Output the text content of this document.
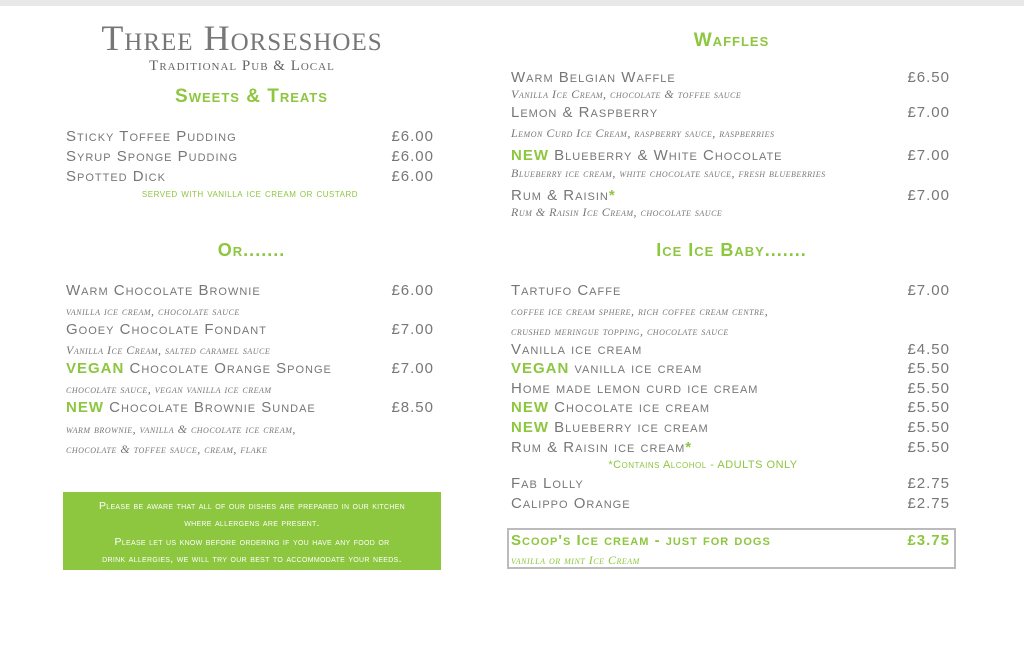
Three Horseshoes
Traditional Pub & Local
Sweets & Treats
Sticky Toffee Pudding	£6.00
Syrup Sponge Pudding	£6.00
Spotted Dick	£6.00
served with vanilla ice cream or custard
Or.......
Warm Chocolate Brownie	£6.00
vanilla ice cream, chocolate sauce
Gooey Chocolate Fondant	£7.00
Vanilla Ice Cream, salted caramel sauce
VEGAN Chocolate Orange Sponge	£7.00
chocolate sauce, vegan vanilla ice cream
NEW Chocolate Brownie Sundae	£8.50
warm brownie, vanilla & chocolate ice cream,
chocolate & toffee sauce, cream, flake

Please be aware that all of our dishes are prepared in our kitchen

where allergens are present.

Please let us know before ordering if you have any food or

drink allergies, we will try our best to accommodate your needs.

Waffles
Warm Belgian Waffle	£6.50
Vanilla Ice Cream, chocolate & toffee sauce
Lemon & Raspberry	£7.00
Lemon Curd Ice Cream, raspberry sauce, raspberries
NEW Blueberry & White Chocolate	£7.00
Blueberry ice cream, white chocolate sauce, fresh blueberries
Rum & Raisin*	£7.00
Rum & Raisin Ice Cream, chocolate sauce
Ice Ice Baby.......
Tartufo Caffe	£7.00
coffee ice cream sphere, rich coffee cream centre,
crushed meringue topping, chocolate sauce
Vanilla ice cream	£4.50
VEGAN vanilla ice cream	£5.50
Home made lemon curd ice cream	£5.50
NEW Chocolate ice cream	£5.50
NEW Blueberry ice cream	£5.50
Rum & Raisin ice cream*	£5.50
*Contains Alcohol - ADULTS ONLY
Fab Lolly	£2.75
Calippo Orange	£2.75
Scoop's Ice cream - just for dogs	£3.75
vanilla or mint Ice Cream
